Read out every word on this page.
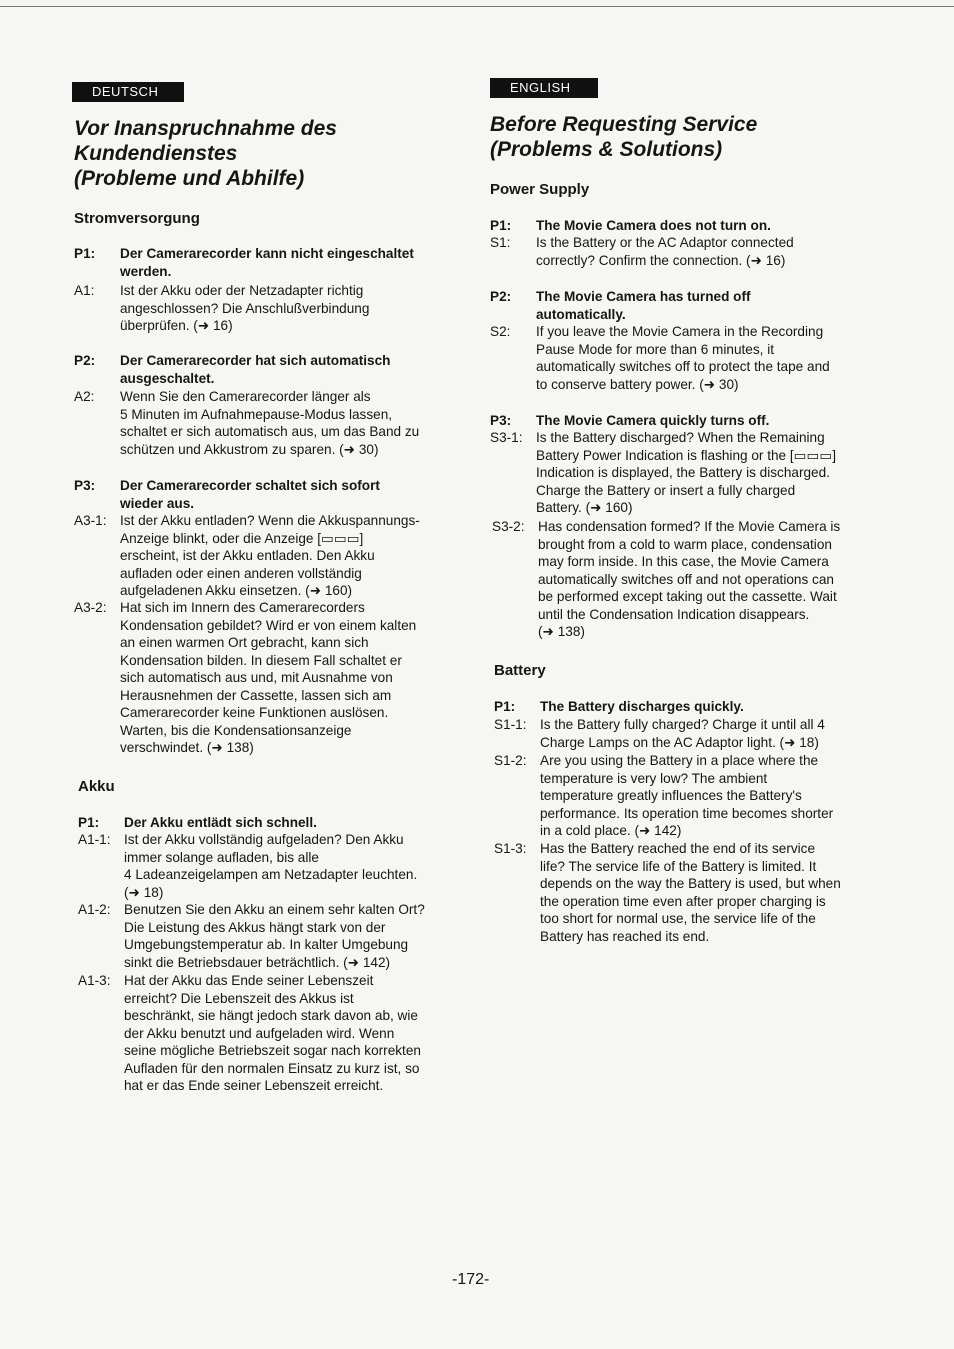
DEUTSCH
Vor Inanspruchnahme des
Kundendienstes
(Probleme und Abhilfe)
Stromversorgung
P1: Der Camerarecorder kann nicht eingeschaltet
werden.
A1: Ist der Akku oder der Netzadapter richtig
angeschlossen? Die Anschlußverbindung
überprüfen. (➜ 16)
P2: Der Camerarecorder hat sich automatisch
ausgeschaltet.
A2: Wenn Sie den Camerarecorder länger als
5 Minuten im Aufnahmepause-Modus lassen,
schaltet er sich automatisch aus, um das Band zu
schützen und Akkustrom zu sparen. (➜ 30)
P3: Der Camerarecorder schaltet sich sofort
wieder aus.
A3-1: Ist der Akku entladen? Wenn die Akkuspannungs-
Anzeige blinkt, oder die Anzeige [▭▭▭]
erscheint, ist der Akku entladen. Den Akku
aufladen oder einen anderen vollständig
aufgeladenen Akku einsetzen. (➜ 160)
A3-2: Hat sich im Innern des Camerarecorders
Kondensation gebildet? Wird er von einem kalten
an einen warmen Ort gebracht, kann sich
Kondensation bilden. In diesem Fall schaltet er
sich automatisch aus und, mit Ausnahme von
Herausnehmen der Cassette, lassen sich am
Camerarecorder keine Funktionen auslösen.
Warten, bis die Kondensationsanzeige
verschwindet. (➜ 138)
Akku
P1: Der Akku entlädt sich schnell.
A1-1: Ist der Akku vollständig aufgeladen? Den Akku
immer solange aufladen, bis alle
4 Ladeanzeigelampen am Netzadapter leuchten.
(➜ 18)
A1-2: Benutzen Sie den Akku an einem sehr kalten Ort?
Die Leistung des Akkus hängt stark von der
Umgebungstemperatur ab. In kalter Umgebung
sinkt die Betriebsdauer beträchtlich. (➜ 142)
A1-3: Hat der Akku das Ende seiner Lebenszeit
erreicht? Die Lebenszeit des Akkus ist
beschränkt, sie hängt jedoch stark davon ab, wie
der Akku benutzt und aufgeladen wird. Wenn
seine mögliche Betriebszeit sogar nach korrekten
Aufladen für den normalen Einsatz zu kurz ist, so
hat er das Ende seiner Lebenszeit erreicht.
ENGLISH
Before Requesting Service
(Problems & Solutions)
Power Supply
P1: The Movie Camera does not turn on.
S1: Is the Battery or the AC Adaptor connected
correctly? Confirm the connection. (➜ 16)
P2: The Movie Camera has turned off
automatically.
S2: If you leave the Movie Camera in the Recording
Pause Mode for more than 6 minutes, it
automatically switches off to protect the tape and
to conserve battery power. (➜ 30)
P3: The Movie Camera quickly turns off.
S3-1: Is the Battery discharged? When the Remaining
Battery Power Indication is flashing or the [▭▭▭]
Indication is displayed, the Battery is discharged.
Charge the Battery or insert a fully charged
Battery. (➜ 160)
S3-2: Has condensation formed? If the Movie Camera is
brought from a cold to warm place, condensation
may form inside. In this case, the Movie Camera
automatically switches off and not operations can
be performed except taking out the cassette. Wait
until the Condensation Indication disappears.
(➜ 138)
Battery
P1: The Battery discharges quickly.
S1-1: Is the Battery fully charged? Charge it until all 4
Charge Lamps on the AC Adaptor light. (➜ 18)
S1-2: Are you using the Battery in a place where the
temperature is very low? The ambient
temperature greatly influences the Battery's
performance. Its operation time becomes shorter
in a cold place. (➜ 142)
S1-3: Has the Battery reached the end of its service
life? The service life of the Battery is limited. It
depends on the way the Battery is used, but when
the operation time even after proper charging is
too short for normal use, the service life of the
Battery has reached its end.
-172-
